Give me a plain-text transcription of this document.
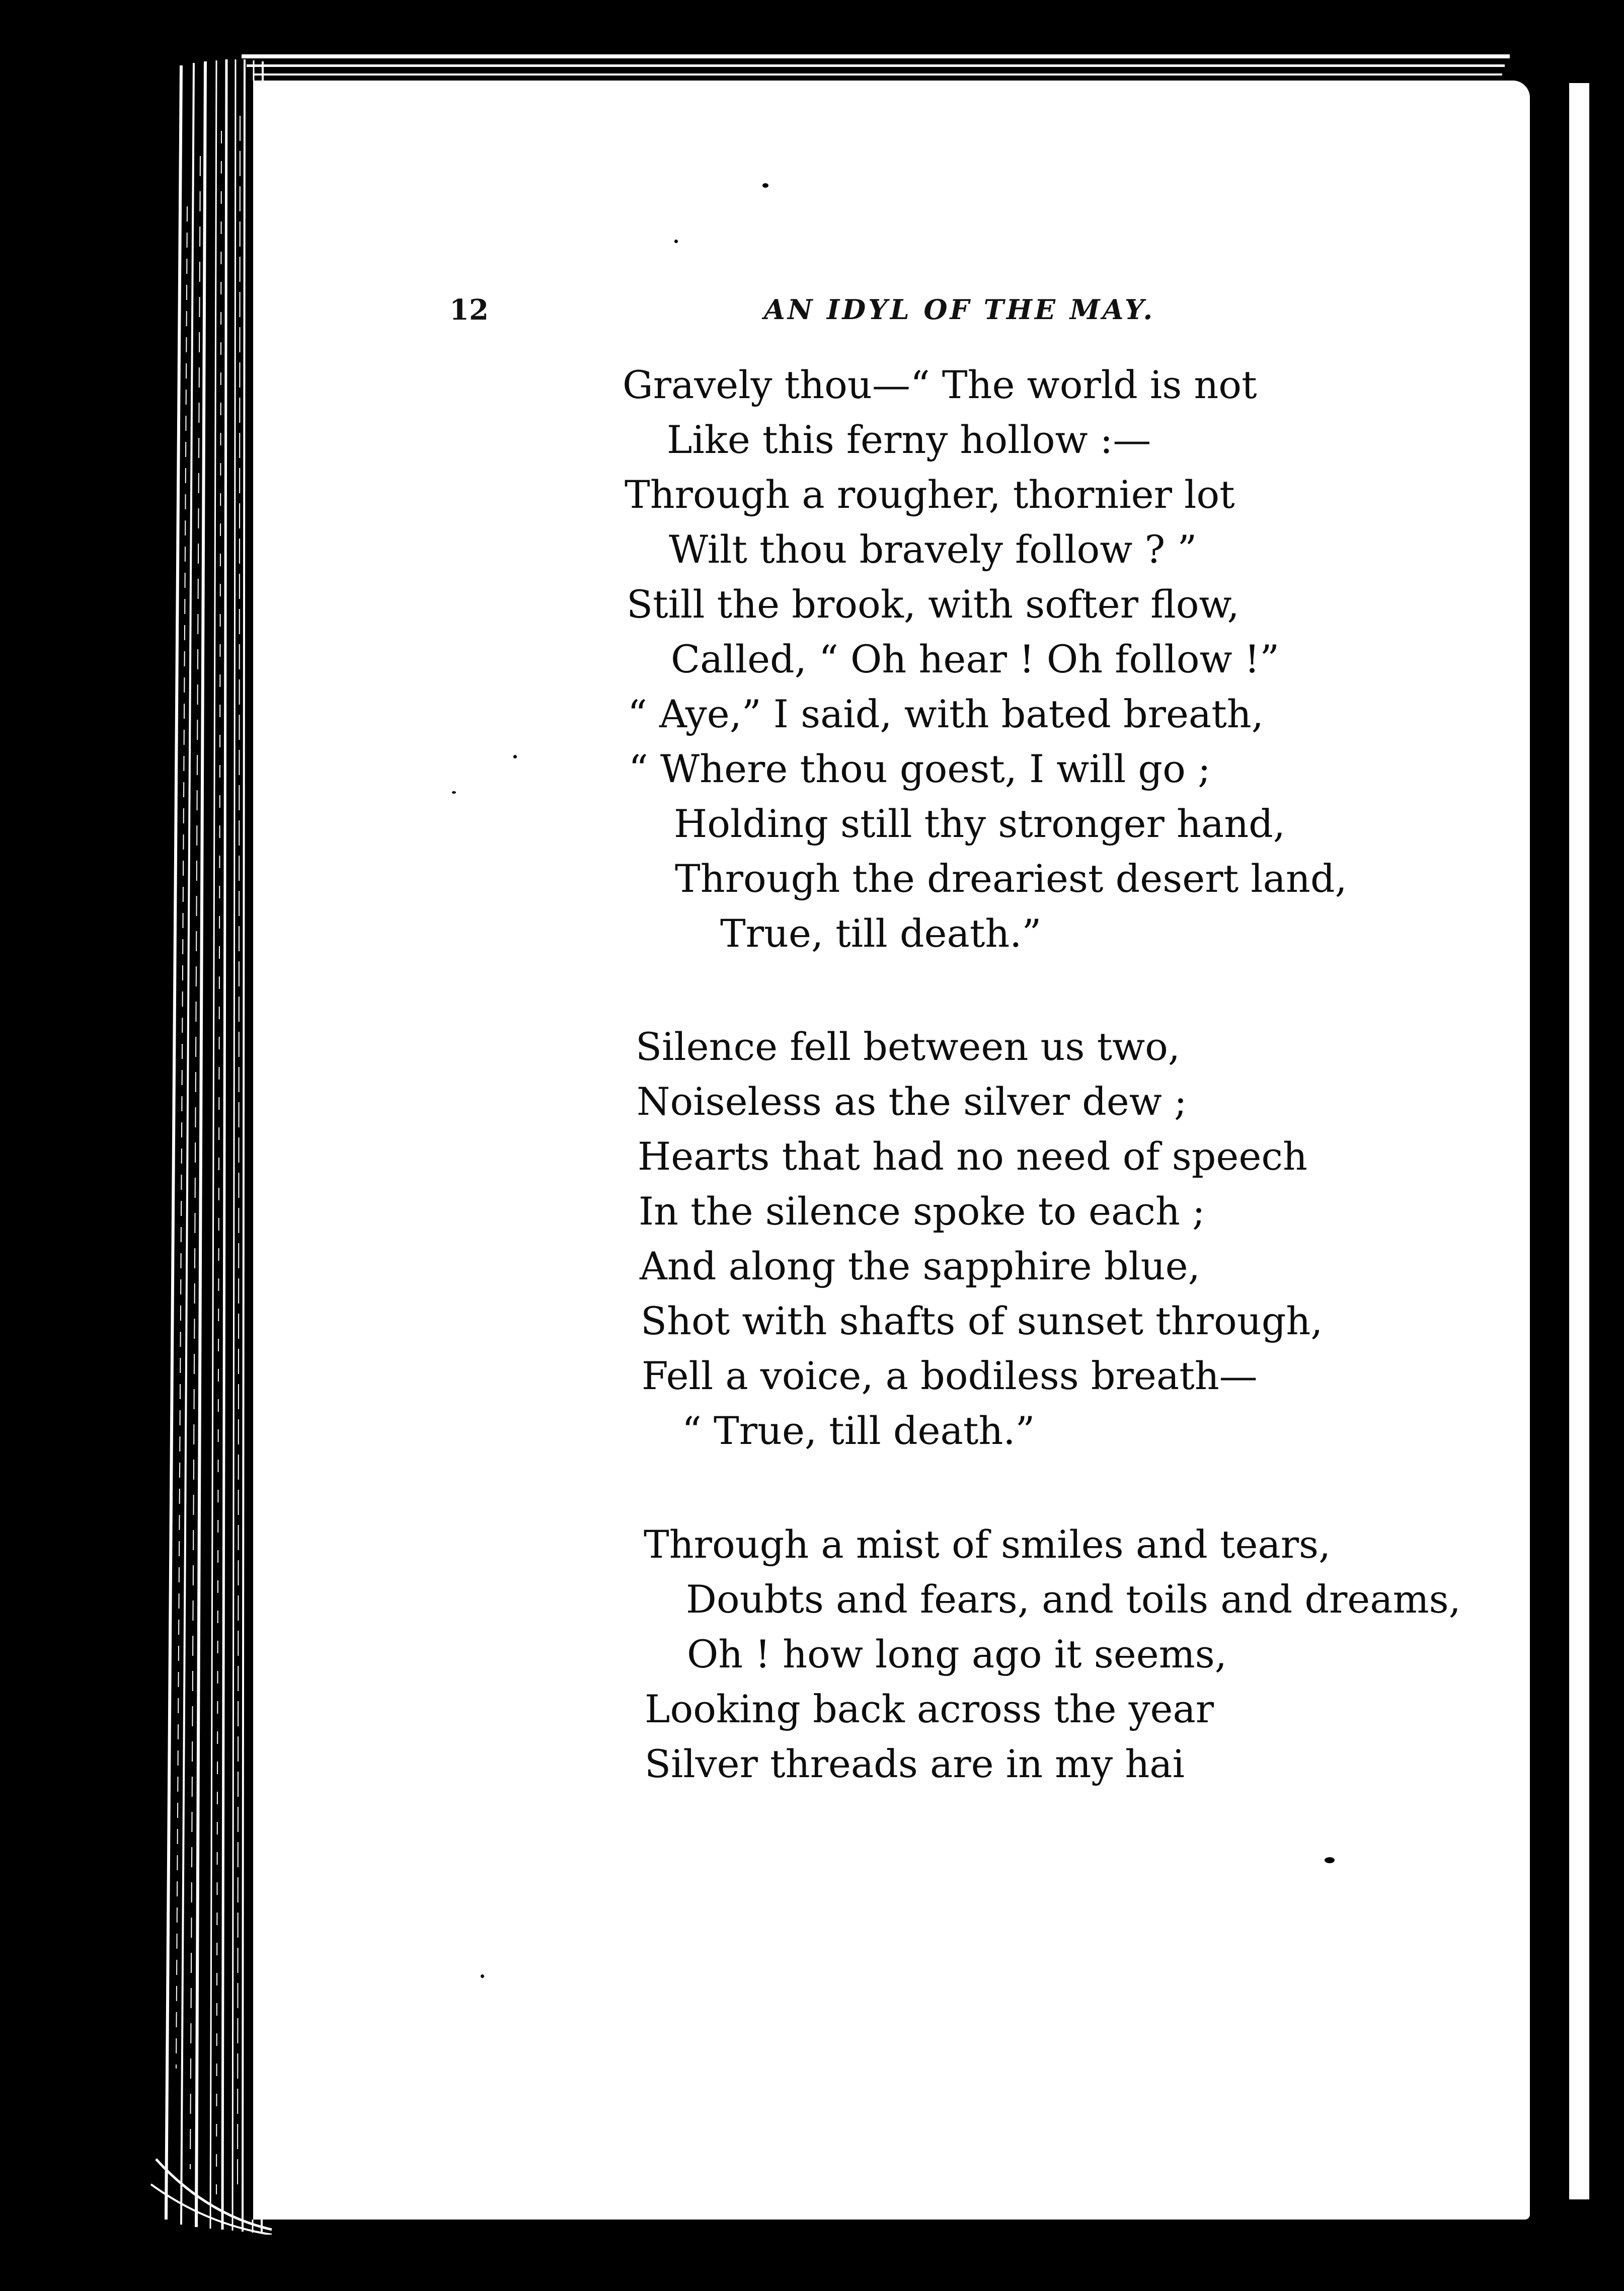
12	AN IDYL OF THE MAY.
Gravely thou—“ The world is not
Like this ferny hollow :—
Through a rougher, thornier lot
Wilt thou bravely follow ? ”
Still the brook, with softer flow,
Called, “ Oh hear ! Oh follow !”
“ Aye,” I said, with bated breath,
“ Where thou goest, I will go ;
Holding still thy stronger hand,
Through the dreariest desert land,
True, till death.”
Silence fell between us two,
Noiseless as the silver dew ;
Hearts that had no need of speech
In the silence spoke to each ;
And along the sapphire blue,
Shot with shafts of sunset through,
Fell a voice, a bodiless breath—
“ True, till death.”
Through a mist of smiles and tears,
Doubts and fears, and toils and dreams,
Oh ! how long ago it seems,
Looking back across the year
Silver threads are in my hai
